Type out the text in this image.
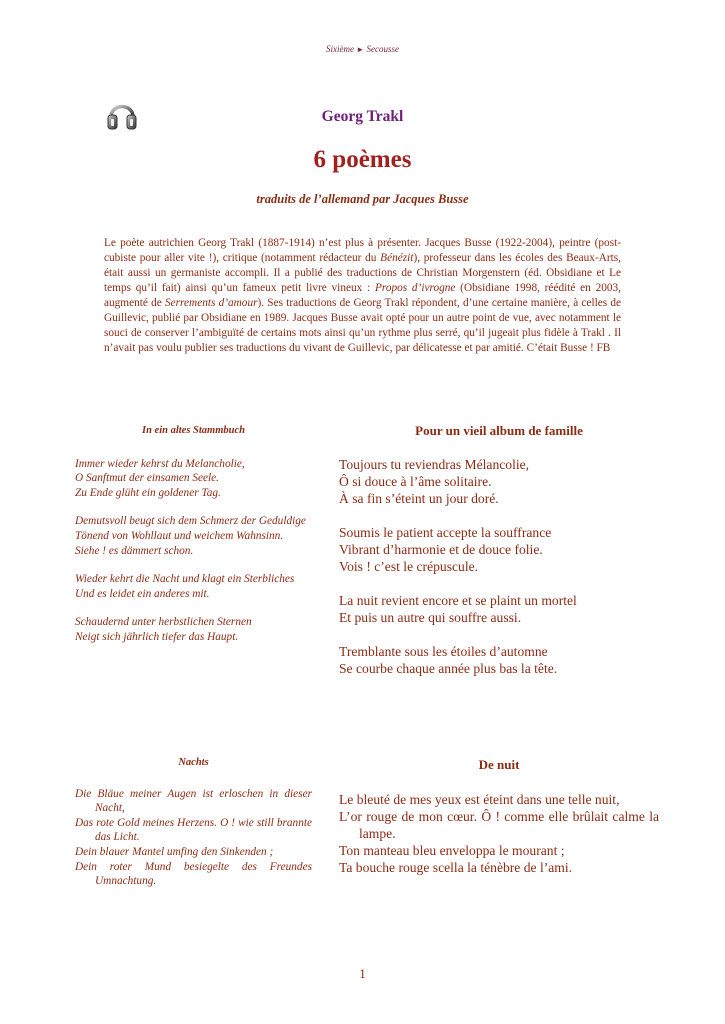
Sixième ► Secousse
Georg Trakl
6 poèmes
traduits de l’allemand par Jacques Busse
Le poète autrichien Georg Trakl (1887-1914) n’est plus à présenter. Jacques Busse (1922-2004), peintre (post-cubiste pour aller vite !), critique (notamment rédacteur du Bénézit), professeur dans les écoles des Beaux-Arts, était aussi un germaniste accompli. Il a publié des traductions de Christian Morgenstern (éd. Obsidiane et Le temps qu’il fait) ainsi qu’un fameux petit livre vineux : Propos d’ivrogne (Obsidiane 1998, réédité en 2003, augmenté de Serrements d’amour). Ses traductions de Georg Trakl répondent, d’une certaine manière, à celles de Guillevic, publié par Obsidiane en 1989. Jacques Busse avait opté pour un autre point de vue, avec notamment le souci de conserver l’ambiguïté de certains mots ainsi qu’un rythme plus serré, qu’il jugeait plus fidèle à Trakl . Il n’avait pas voulu publier ses traductions du vivant de Guillevic, par délicatesse et par amitié. C’était Busse ! FB
In ein altes Stammbuch
Immer wieder kehrst du Melancholie,
O Sanftmut der einsamen Seele.
Zu Ende glüht ein goldener Tag.
Demutsvoll beugt sich dem Schmerz der Geduldige
Tönend von Wohllaut und weichem Wahnsinn.
Siehe ! es dämmert schon.
Wieder kehrt die Nacht und klagt ein Sterbliches
Und es leidet ein anderes mit.
Schaudernd unter herbstlichen Sternen
Neigt sich jährlich tiefer das Haupt.
Pour un vieil album de famille
Toujours tu reviendras Mélancolie,
Ô si douce à l’âme solitaire.
À sa fin s’éteint un jour doré.
Soumis le patient accepte la souffrance
Vibrant d’harmonie et de douce folie.
Vois ! c’est le crépuscule.
La nuit revient encore et se plaint un mortel
Et puis un autre qui souffre aussi.
Tremblante sous les étoiles d’automne
Se courbe chaque année plus bas la tête.
Nachts
Die Bläue meiner Augen ist erloschen in dieser Nacht,
Das rote Gold meines Herzens. O ! wie still brannte das Licht.
Dein blauer Mantel umfing den Sinkenden ;
Dein roter Mund besiegelte des Freundes Umnachtung.
De nuit
Le bleuté de mes yeux est éteint dans une telle nuit,
L’or rouge de mon cœur. Ô ! comme elle brûlait calme la lampe.
Ton manteau bleu enveloppa le mourant ;
Ta bouche rouge scella la ténèbre de l’ami.
1
